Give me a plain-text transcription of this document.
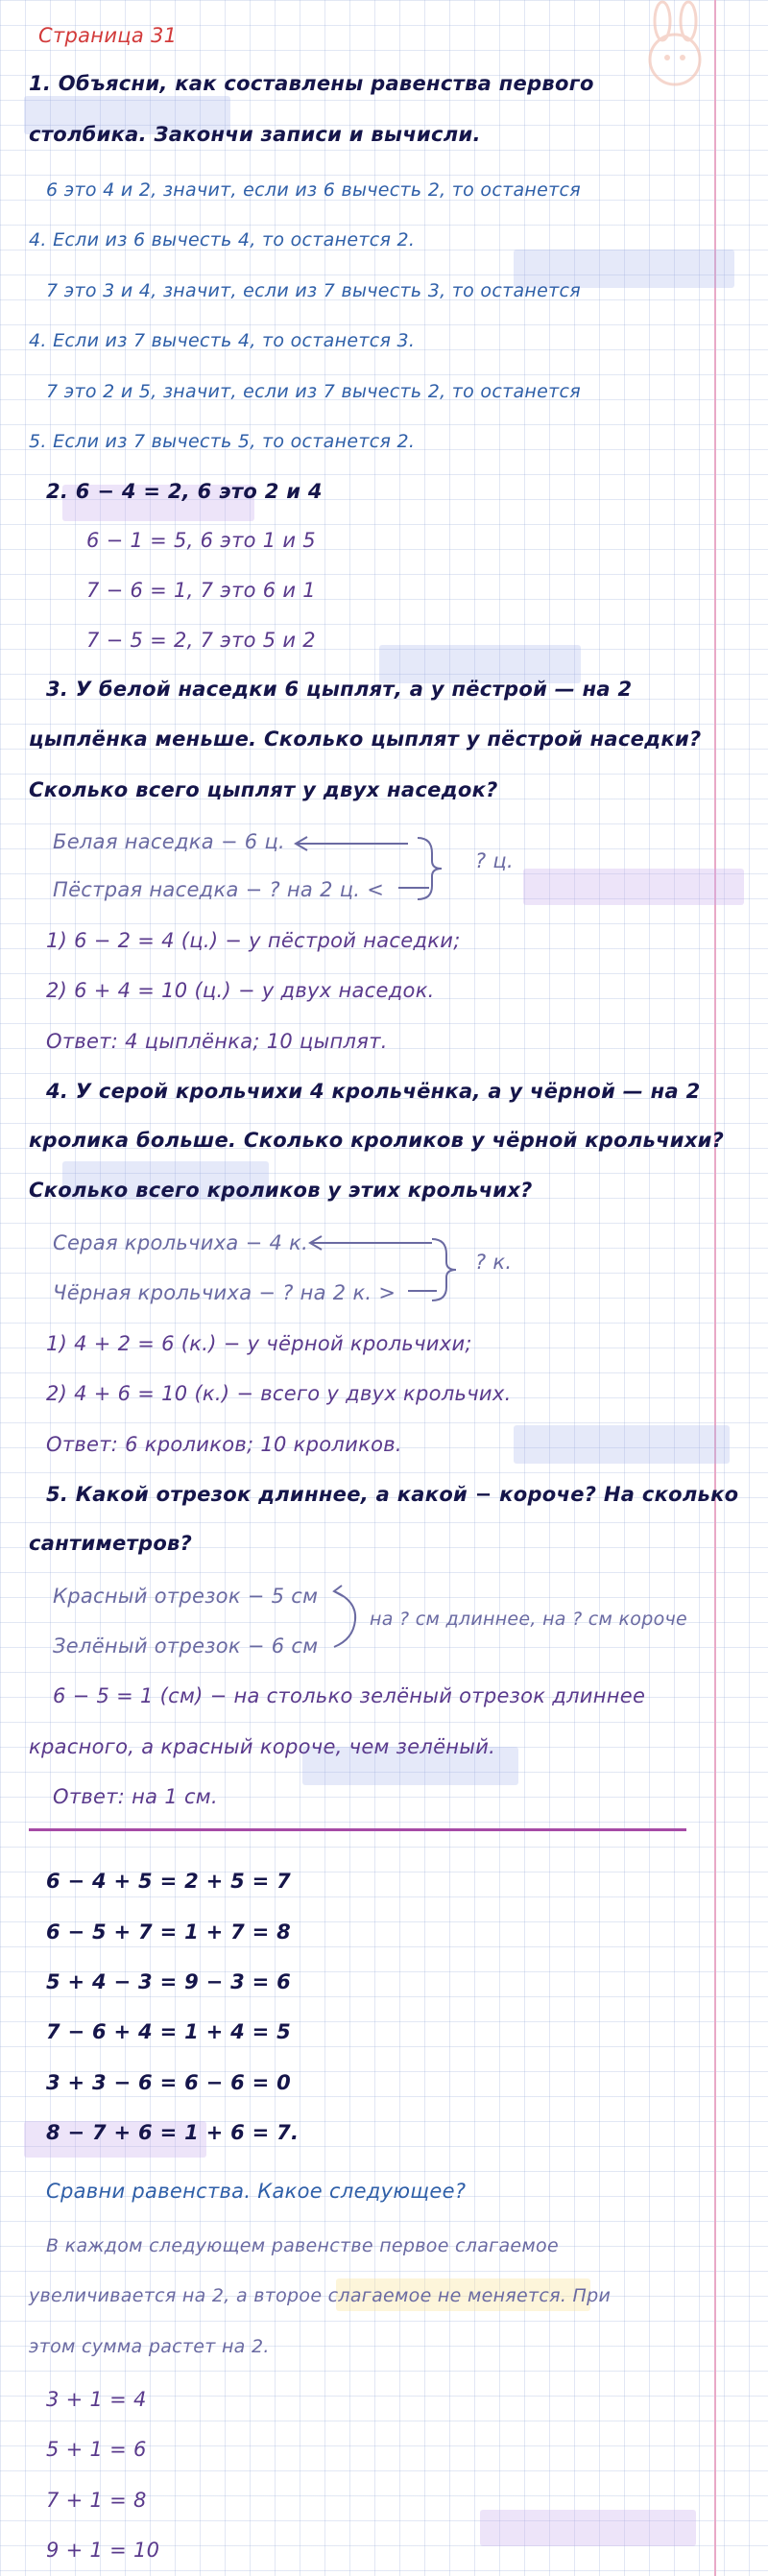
Страница 31
1. Объясни, как составлены равенства первого
столбика. Закончи записи и вычисли.
6 это 4 и 2, значит, если из 6 вычесть 2, то останется
4. Если из 6 вычесть 4, то останется 2.
7 это 3 и 4, значит, если из 7 вычесть 3, то останется
4. Если из 7 вычесть 4, то останется 3.
7 это 2 и 5, значит, если из 7 вычесть 2, то останется
5. Если из 7 вычесть 5, то останется 2.
2. 6 − 4 = 2, 6 это 2 и 4
6 − 1 = 5, 6 это 1 и 5
7 − 6 = 1, 7 это 6 и 1
7 − 5 = 2, 7 это 5 и 2
3. У белой наседки 6 цыплят, а у пёстрой — на 2
цыплёнка меньше. Сколько цыплят у пёстрой наседки?
Сколько всего цыплят у двух наседок?
Белая наседка − 6 ц.
Пёстрая наседка − ? на 2 ц. <
? ц.
1) 6 − 2 = 4 (ц.) − у пёстрой наседки;
2) 6 + 4 = 10 (ц.) − у двух наседок.
Ответ: 4 цыплёнка; 10 цыплят.
4. У серой крольчихи 4 крольчёнка, а у чёрной — на 2
кролика больше. Сколько кроликов у чёрной крольчихи?
Сколько всего кроликов у этих крольчих?
Серая крольчиха − 4 к.
Чёрная крольчиха − ? на 2 к. >
? к.
1) 4 + 2 = 6 (к.) − у чёрной крольчихи;
2) 4 + 6 = 10 (к.) − всего у двух крольчих.
Ответ: 6 кроликов; 10 кроликов.
5. Какой отрезок длиннее, а какой − короче? На сколько
сантиметров?
Красный отрезок − 5 см
Зелёный отрезок − 6 см
на ? см длиннее, на ? см короче
6 − 5 = 1 (см) − на столько зелёный отрезок длиннее
красного, а красный короче, чем зелёный.
Ответ: на 1 см.
6 − 4 + 5 = 2 + 5 = 7
6 − 5 + 7 = 1 + 7 = 8
5 + 4 − 3 = 9 − 3 = 6
7 − 6 + 4 = 1 + 4 = 5
3 + 3 − 6 = 6 − 6 = 0
8 − 7 + 6 = 1 + 6 = 7.
Сравни равенства. Какое следующее?
В каждом следующем равенстве первое слагаемое
увеличивается на 2, а второе слагаемое не меняется. При
этом сумма растет на 2.
3 + 1 = 4
5 + 1 = 6
7 + 1 = 8
9 + 1 = 10
